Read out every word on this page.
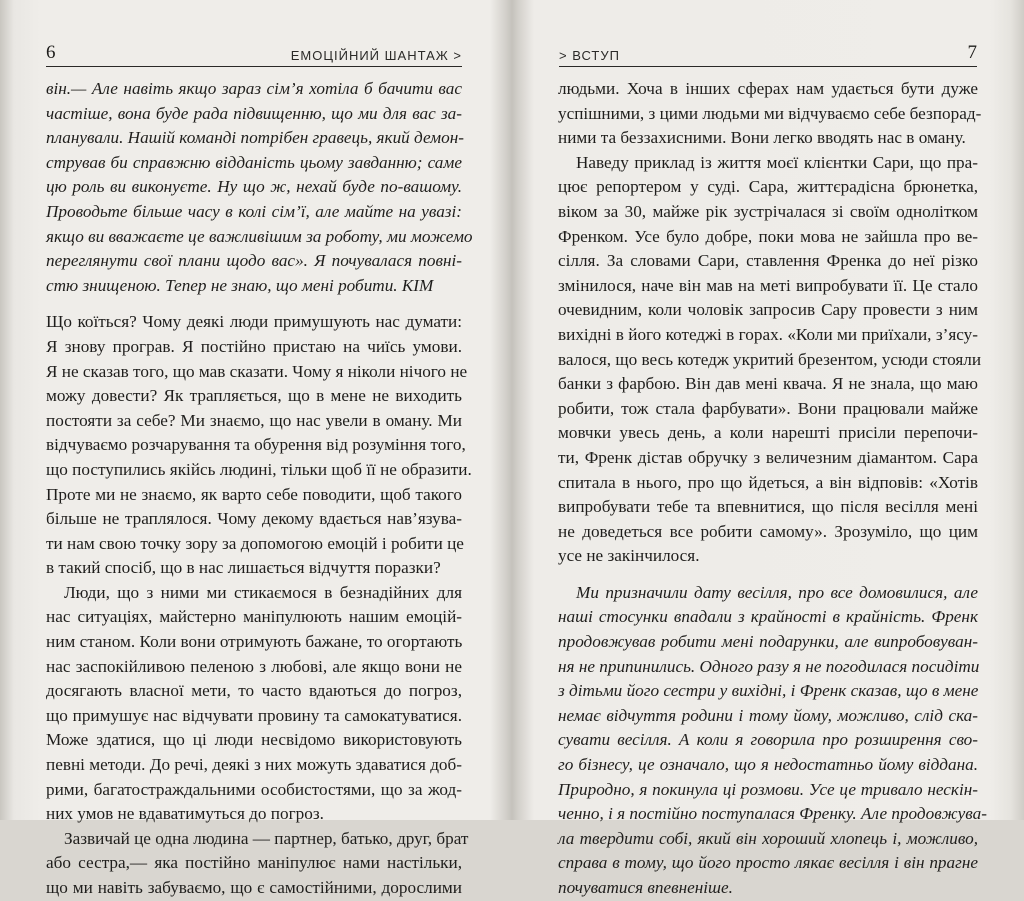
6	ЕМОЦІЙНИЙ ШАНТАЖ >
він.— Але навіть якщо зараз сім’я хотіла б бачити вас
частіше, вона буде рада підвищенню, що ми для вас за-
планували. Нашій команді потрібен гравець, який демон-
стрував би справжню відданість цьому завданню; саме
цю роль ви виконуєте. Ну що ж, нехай буде по-вашому.
Проводьте більше часу в колі сім’ї, але майте на увазі:
якщо ви вважаєте це важливішим за роботу, ми можемо
переглянути свої плани щодо вас». Я почувалася повні-
стю знищеною. Тепер не знаю, що мені робити. КІМ
Що коїться? Чому деякі люди примушують нас думати:
Я знову програв. Я постійно пристаю на чиїсь умови.
Я не сказав того, що мав сказати. Чому я ніколи нічого не
можу довести? Як трапляється, що в мене не виходить
постояти за себе? Ми знаємо, що нас увели в оману. Ми
відчуваємо розчарування та обурення від розуміння того,
що поступились якійсь людині, тільки щоб її не образити.
Проте ми не знаємо, як варто себе поводити, щоб такого
більше не траплялося. Чому декому вдається нав’язува-
ти нам свою точку зору за допомогою емоцій і робити це
в такий спосіб, що в нас лишається відчуття поразки?
Люди, що з ними ми стикаємося в безнадійних для
нас ситуаціях, майстерно маніпулюють нашим емоцій-
ним станом. Коли вони отримують бажане, то огортають
нас заспокійливою пеленою з любові, але якщо вони не
досягають власної мети, то часто вдаються до погроз,
що примушує нас відчувати провину та самокатуватися.
Може здатися, що ці люди несвідомо використовують
певні методи. До речі, деякі з них можуть здаватися доб-
рими, багатостраждальними особистостями, що за жод-
них умов не вдаватимуться до погроз.
Зазвичай це одна людина — партнер, батько, друг, брат
або сестра,— яка постійно маніпулює нами настільки,
що ми навіть забуваємо, що є самостійними, дорослими
> ВСТУП	7
людьми. Хоча в інших сферах нам удається бути дуже
успішними, з цими людьми ми відчуваємо себе безпорад-
ними та беззахисними. Вони легко вводять нас в оману.
Наведу приклад із життя моєї клієнтки Сари, що пра-
цює репортером у суді. Сара, життєрадісна брюнетка,
віком за 30, майже рік зустрічалася зі своїм однолітком
Френком. Усе було добре, поки мова не зайшла про ве-
сілля. За словами Сари, ставлення Френка до неї різко
змінилося, наче він мав на меті випробувати її. Це стало
очевидним, коли чоловік запросив Сару провести з ним
вихідні в його котеджі в горах. «Коли ми приїхали, з’ясу-
валося, що весь котедж укритий брезентом, усюди стояли
банки з фарбою. Він дав мені квача. Я не знала, що маю
робити, тож стала фарбувати». Вони працювали майже
мовчки увесь день, а коли нарешті присіли перепочи-
ти, Френк дістав обручку з величезним діамантом. Сара
спитала в нього, про що йдеться, а він відповів: «Хотів
випробувати тебе та впевнитися, що після весілля мені
не доведеться все робити самому». Зрозуміло, що цим
усе не закінчилося.
Ми призначили дату весілля, про все домовилися, але
наші стосунки впадали з крайності в крайність. Френк
продовжував робити мені подарунки, але випробовуван-
ня не припинились. Одного разу я не погодилася посидіти
з дітьми його сестри у вихідні, і Френк сказав, що в мене
немає відчуття родини і тому йому, можливо, слід ска-
сувати весілля. А коли я говорила про розширення сво-
го бізнесу, це означало, що я недостатньо йому віддана.
Природно, я покинула ці розмови. Усе це тривало нескін-
ченно, і я постійно поступалася Френку. Але продовжува-
ла твердити собі, який він хороший хлопець і, можливо,
справа в тому, що його просто лякає весілля і він прагне
почуватися впевненіше.
